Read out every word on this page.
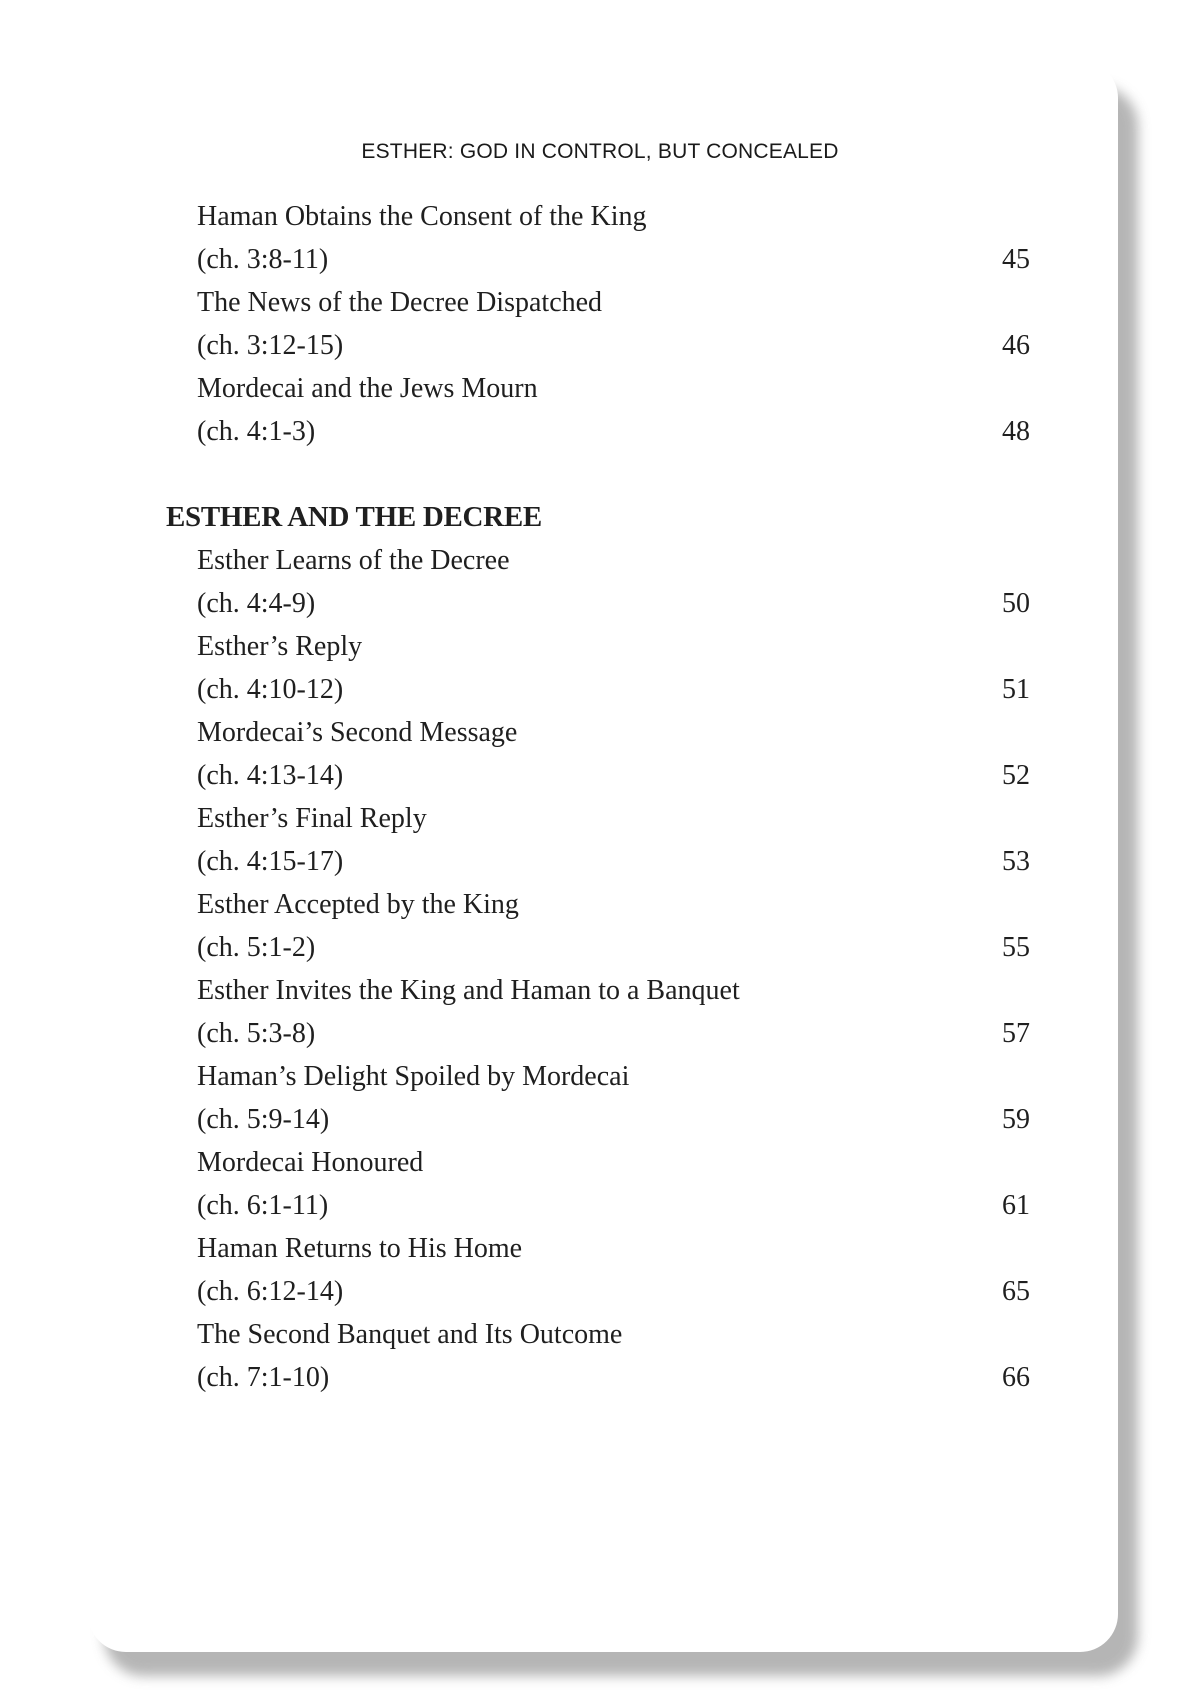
ESTHER: GOD IN CONTROL, BUT CONCEALED
Haman Obtains the Consent of the King
(ch. 3:8-11)	45
The News of the Decree Dispatched
(ch. 3:12-15)	46
Mordecai and the Jews Mourn
(ch. 4:1-3)	48
ESTHER AND THE DECREE
Esther Learns of the Decree
(ch. 4:4-9)	50
Esther’s Reply
(ch. 4:10-12)	51
Mordecai’s Second Message
(ch. 4:13-14)	52
Esther’s Final Reply
(ch. 4:15-17)	53
Esther Accepted by the King
(ch. 5:1-2)	55
Esther Invites the King and Haman to a Banquet
(ch. 5:3-8)	57
Haman’s Delight Spoiled by Mordecai
(ch. 5:9-14)	59
Mordecai Honoured
(ch. 6:1-11)	61
Haman Returns to His Home
(ch. 6:12-14)	65
The Second Banquet and Its Outcome
(ch. 7:1-10)	66
